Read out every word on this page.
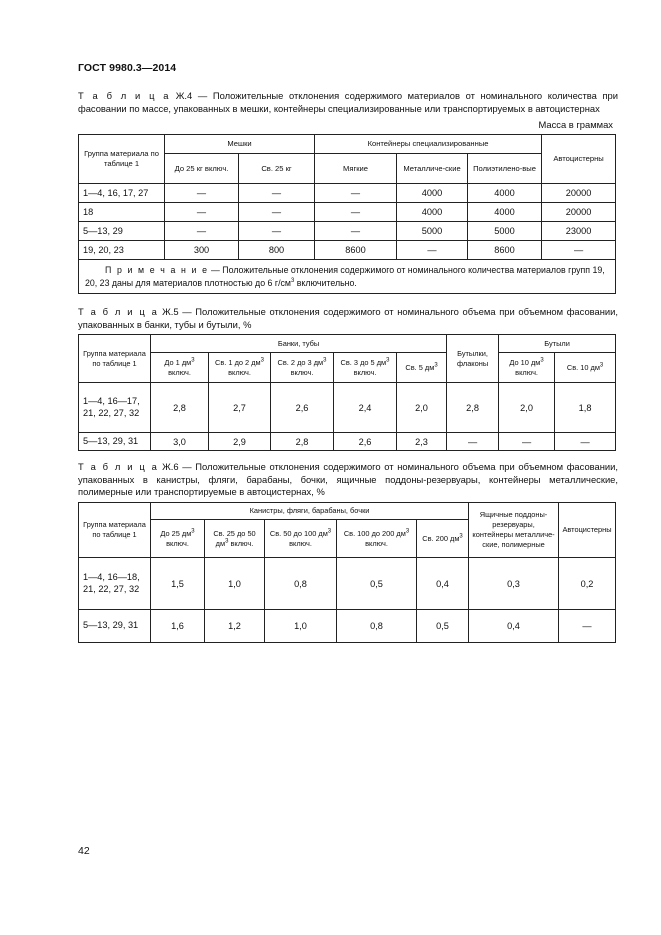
ГОСТ 9980.3—2014
Т а б л и ц а Ж.4 — Положительные отклонения содержимого материалов от номинального количества при фасовании по массе, упакованных в мешки, контейнеры специализированные или транспортируемых в автоцистернах
Масса в граммах
Группа материала по таблице 1	Мешки		Контейнеры специализированные			Автоцистерны
	До 25 кг включ.	Св. 25 кг	Мягкие	Металличе-ские	Полиэтилено-вые	
1—4, 16, 17, 27	—	—	—	4000	4000	20000
18	—	—	—	4000	4000	20000
5—13, 29	—	—	—	5000	5000	23000
19, 20, 23	300	800	8600	—	8600	—
П р и м е ч а н и е — Положительные отклонения содержимого от номинального количества материалов групп 19, 20, 23 даны для материалов плотностью до 6 $г/см^3$ включительно.						
Т а б л и ц а Ж.5 — Положительные отклонения содержимого от номинального объема при объемном фасовании, упакованных в банки, тубы и бутыли, %
Группа материала по таблице 1	Банки, тубы					Бутылки, флаконы	Бутыли	
	До 1 $дм^3$ включ.	Св. 1 до 2 $дм^3$ включ.	Св. 2 до 3 $дм^3$ включ.	Св. 3 до 5 $дм^3$ включ.	Св. 5 $дм^3$		До 10 $дм^3$ включ.	Св. 10 $дм^3$
1—4, 16—17, 21, 22, 27, 32	2,8	2,7	2,6	2,4	2,0	2,8	2,0	1,8
5—13, 29, 31	3,0	2,9	2,8	2,6	2,3	—	—	—
Т а б л и ц а Ж.6 — Положительные отклонения содержимого от номинального объема при объемном фасовании, упакованных в канистры, фляги, барабаны, бочки, ящичные поддоны-резервуары, контейнеры металлические, полимерные или транспортируемые в автоцистернах, %
Группа материала по таблице 1	Канистры, фляги, барабаны, бочки					Ящичные поддоны-резервуары, контейнеры металличе-ские, полимерные	Автоцистерны
	До 25 $дм^3$ включ.	Св. 25 до 50 $дм^3$ включ.	Св. 50 до 100 $дм^3$ включ.	Св. 100 до 200 $дм^3$ включ.	Св. 200 $дм^3$
1—4, 16—18, 21, 22, 27, 32	1,5	1,0	0,8	0,5	0,4	0,3	0,2
5—13, 29, 31	1,6	1,2	1,0	0,8	0,5	0,4	—
42
